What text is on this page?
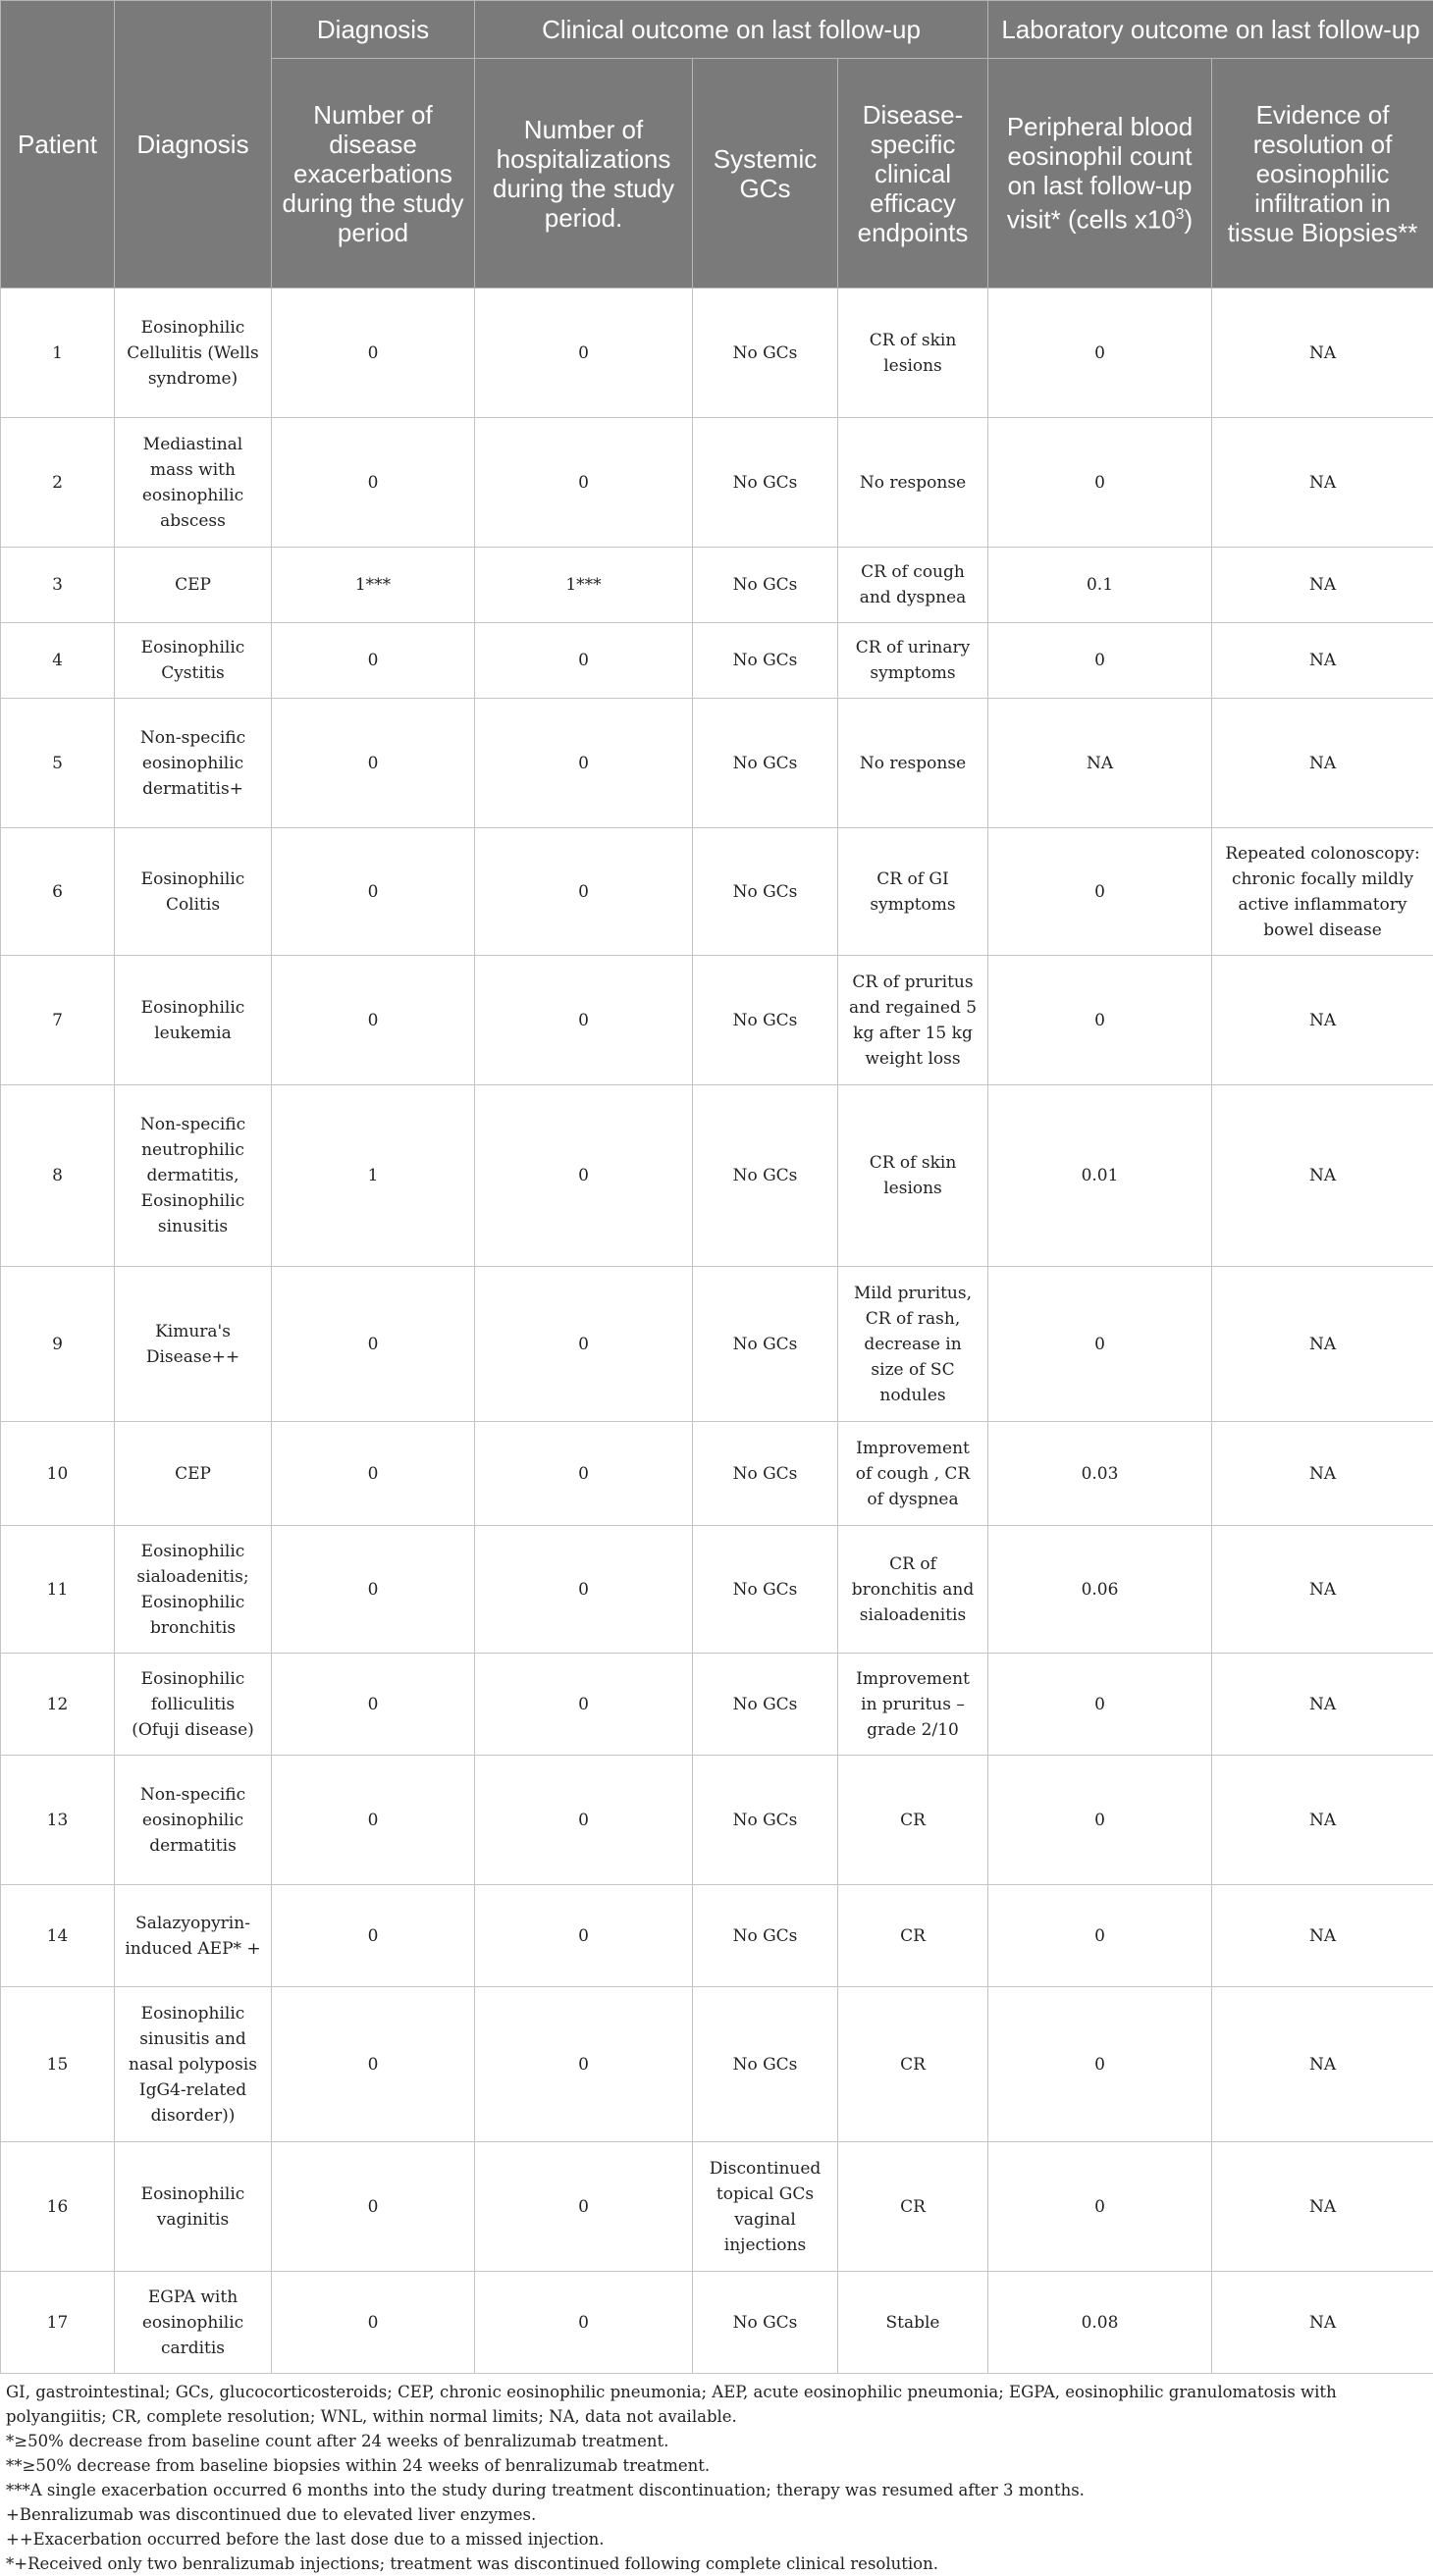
Patient	Diagnosis	Diagnosis	Clinical outcome on last follow-up			Laboratory outcome on last follow-up	
		Number of disease exacerbations during the study period	Number of hospitalizations during the study period.	Systemic GCs	Disease-specific clinical efficacy endpoints	Peripheral blood eosinophil count on last follow-up visit* (cells $x10^3$)	Evidence of resolution of eosinophilic infiltration in tissue Biopsies**
1	Eosinophilic Cellulitis (Wells syndrome)	0	0	No GCs	CR of skin lesions	0	NA
2	Mediastinal mass with eosinophilic abscess	0	0	No GCs	No response	0	NA
3	CEP	1***	1***	No GCs	CR of cough and dyspnea	0.1	NA
4	Eosinophilic Cystitis	0	0	No GCs	CR of urinary symptoms	0	NA
5	Non-specific eosinophilic dermatitis+	0	0	No GCs	No response	NA	NA
6	Eosinophilic Colitis	0	0	No GCs	CR of GI symptoms	0	Repeated colonoscopy: chronic focally mildly active inflammatory bowel disease
7	Eosinophilic leukemia	0	0	No GCs	CR of pruritus and regained 5 kg after 15 kg weight loss	0	NA
8	Non-specific neutrophilic dermatitis, Eosinophilic sinusitis	1	0	No GCs	CR of skin lesions	0.01	NA
9	Kimura's Disease++	0	0	No GCs	Mild pruritus, CR of rash, decrease in size of SC nodules	0	NA
10	CEP	0	0	No GCs	Improvement of cough , CR of dyspnea	0.03	NA
11	Eosinophilic sialoadenitis; Eosinophilic bronchitis	0	0	No GCs	CR of bronchitis and sialoadenitis	0.06	NA
12	Eosinophilic folliculitis (Ofuji disease)	0	0	No GCs	Improvement in pruritus – grade 2/10	0	NA
13	Non-specific eosinophilic dermatitis	0	0	No GCs	CR	0	NA
14	Salazyopyrin-induced AEP* +	0	0	No GCs	CR	0	NA
15	Eosinophilic sinusitis and nasal polyposis IgG4-related disorder))	0	0	No GCs	CR	0	NA
16	Eosinophilic vaginitis	0	0	Discontinued topical GCs vaginal injections	CR	0	NA
17	EGPA with eosinophilic carditis	0	0	No GCs	Stable	0.08	NA

GI, gastrointestinal; GCs, glucocorticosteroids; CEP, chronic eosinophilic pneumonia; AEP, acute eosinophilic pneumonia; EGPA, eosinophilic granulomatosis with polyangiitis; CR, complete resolution; WNL, within normal limits; NA, data not available.

*≥50% decrease from baseline count after 24 weeks of benralizumab treatment.

**≥50% decrease from baseline biopsies within 24 weeks of benralizumab treatment.

***A single exacerbation occurred 6 months into the study during treatment discontinuation; therapy was resumed after 3 months.

+Benralizumab was discontinued due to elevated liver enzymes.

++Exacerbation occurred before the last dose due to a missed injection.

*+Received only two benralizumab injections; treatment was discontinued following complete clinical resolution.
